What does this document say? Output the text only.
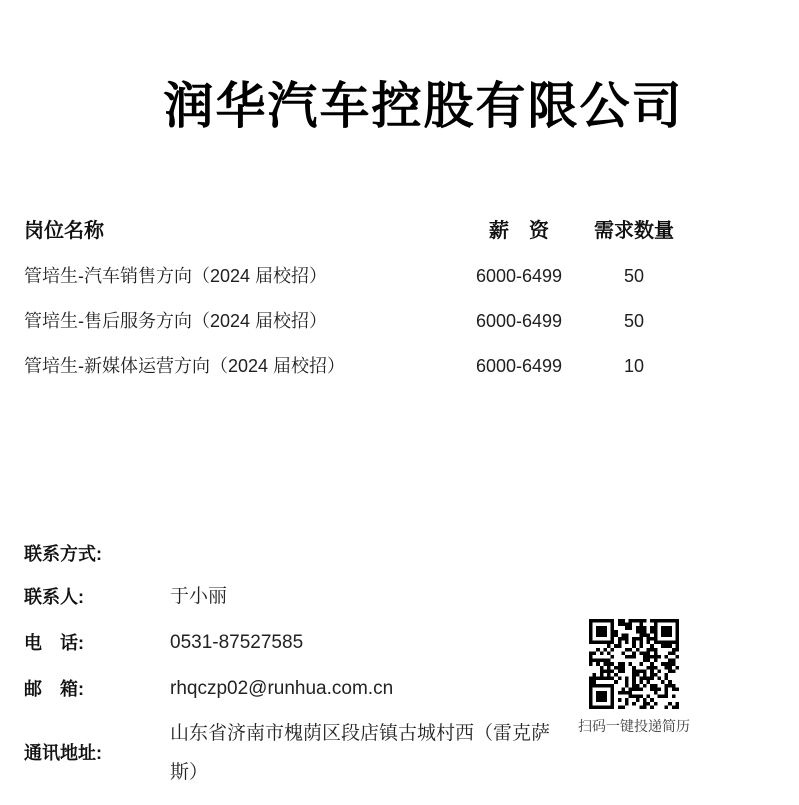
润华汽车控股有限公司
岗位名称	薪　资	需求数量
管培生-汽车销售方向（2024 届校招）	6000-6499	50
管培生-售后服务方向（2024 届校招）	6000-6499	50
管培生-新媒体运营方向（2024 届校招）	6000-6499	10
联系方式:
联系人:	于小丽
电　话:	0531-87527585
邮　箱:	rhqczp02@runhua.com.cn
通讯地址:
山东省济南市槐荫区段店镇古城村西（雷克萨斯）
扫码一键投递简历
